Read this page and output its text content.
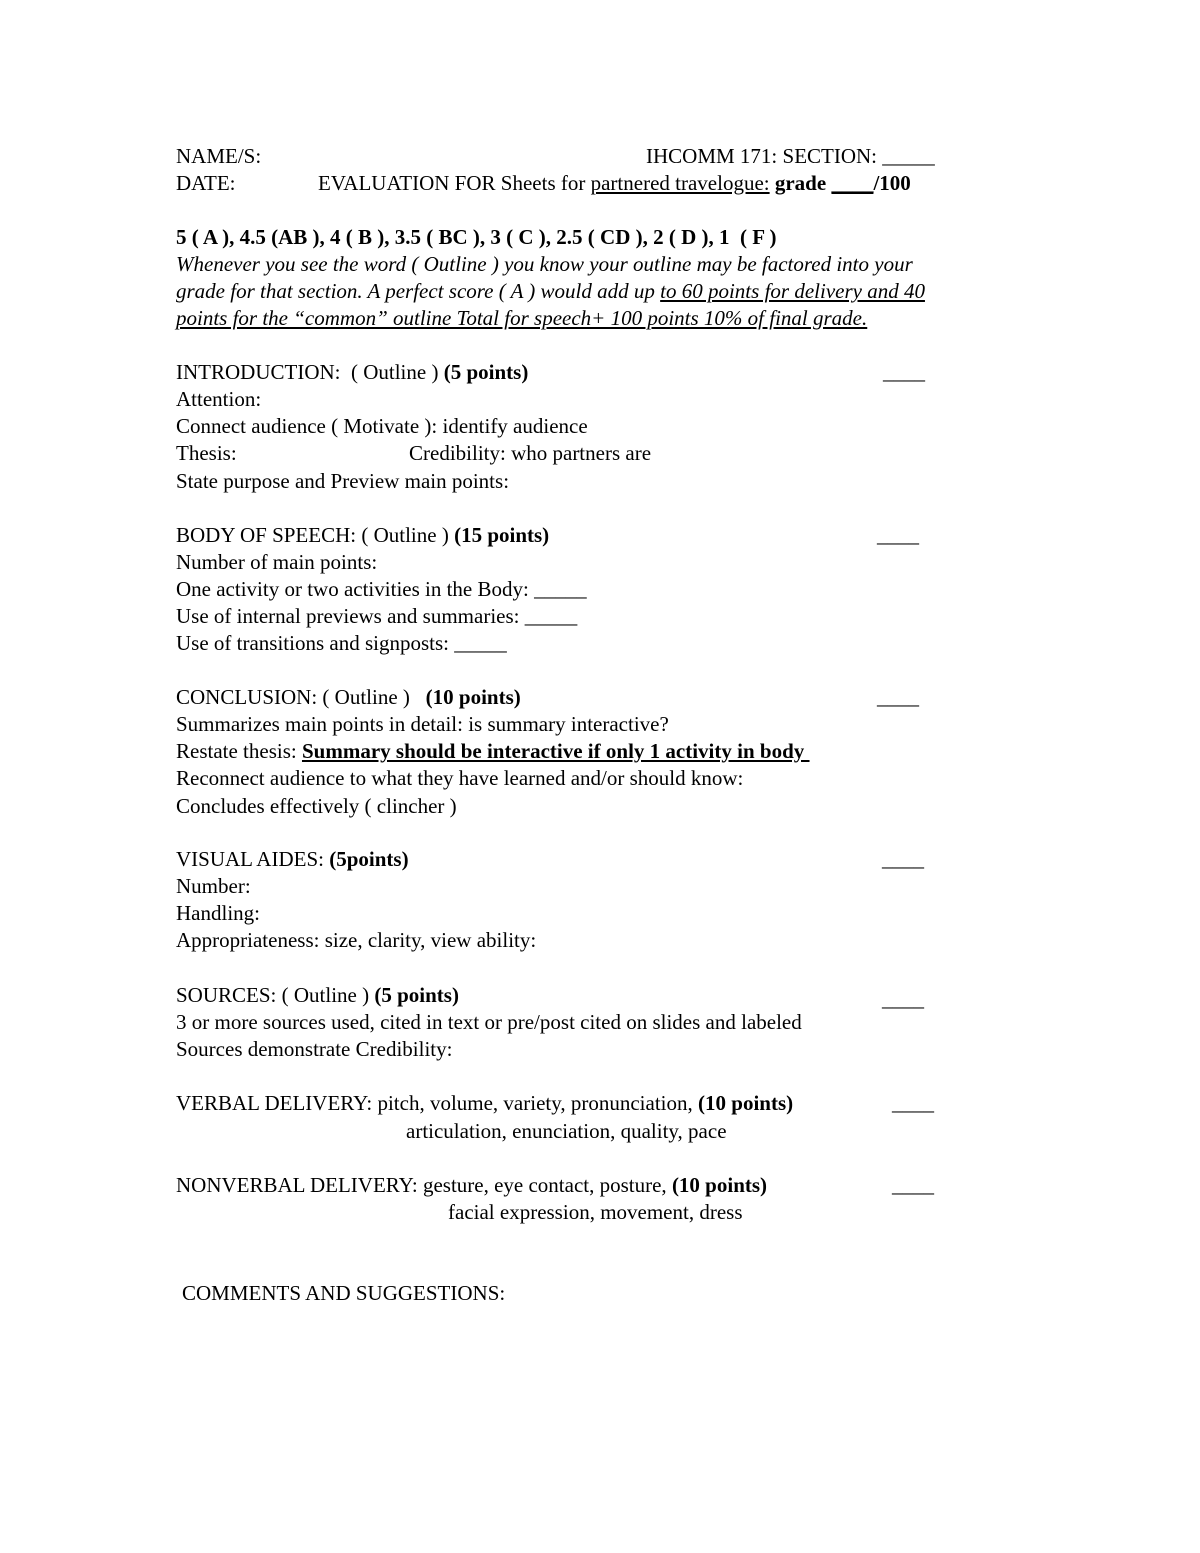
NAME/S:	IHCOMM 171: SECTION: _____
DATE:	EVALUATION FOR Sheets for partnered travelogue: grade ____/100
5 ( A ), 4.5 (AB ), 4 ( B ), 3.5 ( BC ), 3 ( C ), 2.5 ( CD ), 2 ( D ), 1  ( F )
Whenever you see the word ( Outline ) you know your outline may be factored into your
grade for that section. A perfect score ( A ) would add up to 60 points for delivery and 40
points for the “common” outline Total for speech+ 100 points 10% of final grade.
INTRODUCTION:  ( Outline ) (5 points)	____
Attention:
Connect audience ( Motivate ): identify audience
Thesis:	Credibility: who partners are
State purpose and Preview main points:
BODY OF SPEECH: ( Outline ) (15 points)	____
Number of main points:
One activity or two activities in the Body: _____
Use of internal previews and summaries: _____
Use of transitions and signposts: _____
CONCLUSION: ( Outline )   (10 points)	____
Summarizes main points in detail: is summary interactive?
Restate thesis: Summary should be interactive if only 1 activity in body
Reconnect audience to what they have learned and/or should know:
Concludes effectively ( clincher )
VISUAL AIDES: (5points)	____
Number:
Handling:
Appropriateness: size, clarity, view ability:
SOURCES: ( Outline ) (5 points)	____
3 or more sources used, cited in text or pre/post cited on slides and labeled
Sources demonstrate Credibility:
VERBAL DELIVERY: pitch, volume, variety, pronunciation, (10 points)	____
articulation, enunciation, quality, pace
NONVERBAL DELIVERY: gesture, eye contact, posture, (10 points)	____
facial expression, movement, dress
COMMENTS AND SUGGESTIONS:
